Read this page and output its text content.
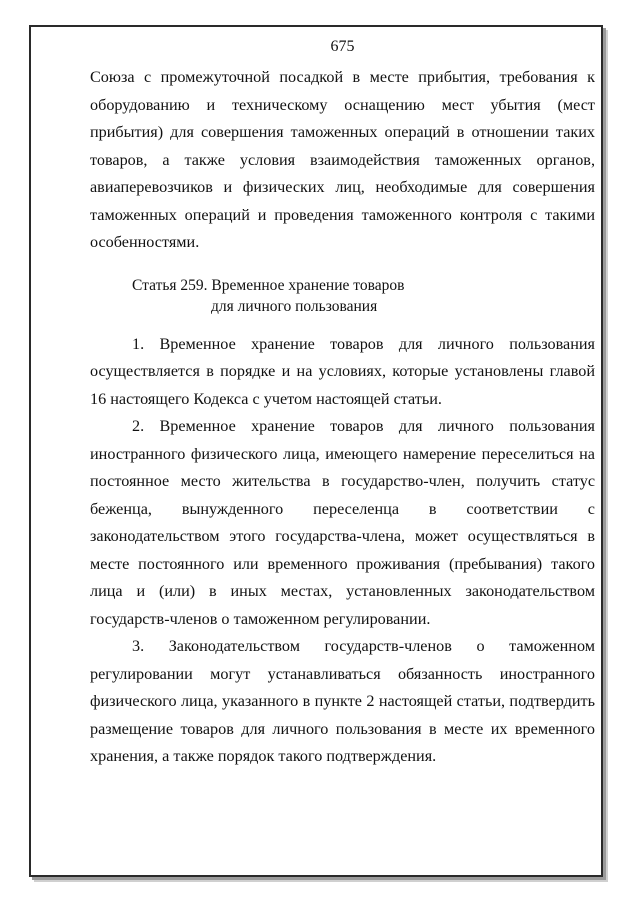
675

Союза с промежуточной посадкой в месте прибытия, требования к оборудованию и техническому оснащению мест убытия (мест прибытия) для совершения таможенных операций в отношении таких товаров, а также условия взаимодействия таможенных органов, авиаперевозчиков и физических лиц, необходимые для совершения таможенных операций и проведения таможенного контроля с такими особенностями.

Статья 259. Временное хранение товаров
для личного пользования

1. Временное хранение товаров для личного пользования осуществляется в порядке и на условиях, которые установлены главой 16 настоящего Кодекса с учетом настоящей статьи.

2. Временное хранение товаров для личного пользования иностранного физического лица, имеющего намерение переселиться на постоянное место жительства в государство-член, получить статус беженца, вынужденного переселенца в соответствии с законодательством этого государства-члена, может осуществляться в месте постоянного или временного проживания (пребывания) такого лица и (или) в иных местах, установленных законодательством государств-членов о таможенном регулировании.

3. Законодательством государств-членов о таможенном регулировании могут устанавливаться обязанность иностранного физического лица, указанного в пункте 2 настоящей статьи, подтвердить размещение товаров для личного пользования в месте их временного хранения, а также порядок такого подтверждения.
